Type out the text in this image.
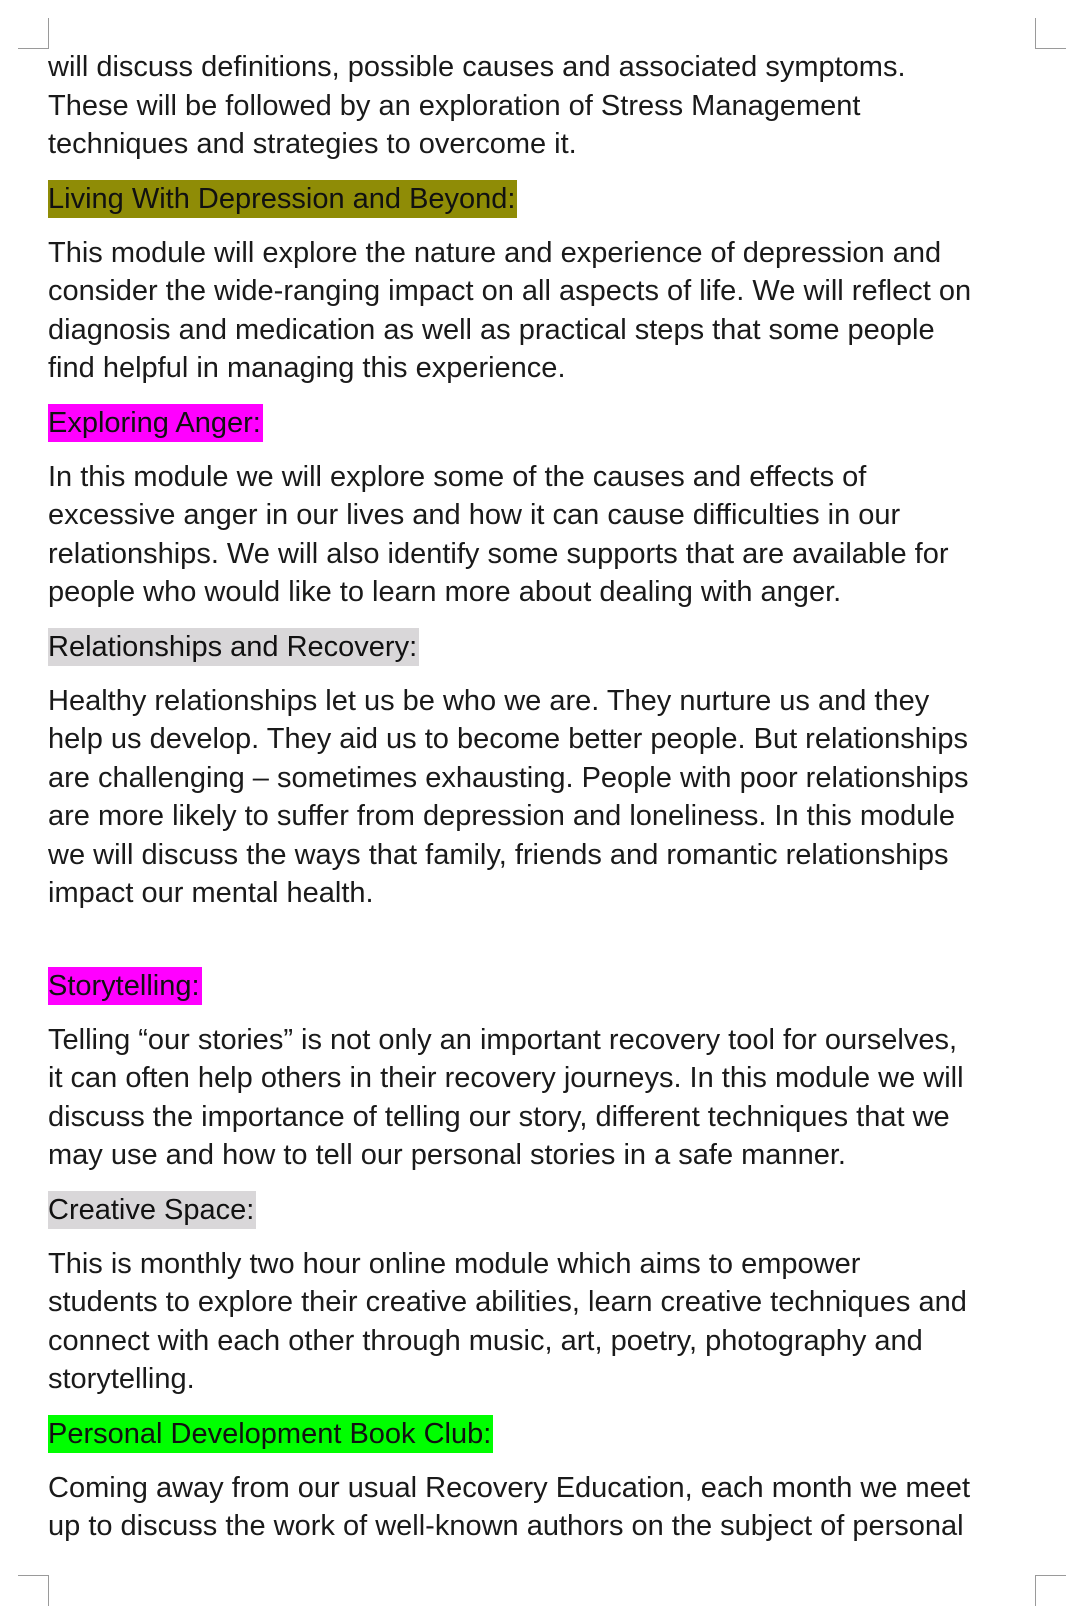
will discuss definitions, possible causes and associated symptoms.
These will be followed by an exploration of Stress Management
techniques and strategies to overcome it.

Living With Depression and Beyond:

This module will explore the nature and experience of depression and
consider the wide-ranging impact on all aspects of life. We will reflect on
diagnosis and medication as well as practical steps that some people
find helpful in managing this experience.

Exploring Anger:

In this module we will explore some of the causes and effects of
excessive anger in our lives and how it can cause difficulties in our
relationships. We will also identify some supports that are available for
people who would like to learn more about dealing with anger.

Relationships and Recovery:

Healthy relationships let us be who we are. They nurture us and they
help us develop. They aid us to become better people. But relationships
are challenging – sometimes exhausting. People with poor relationships
are more likely to suffer from depression and loneliness. In this module
we will discuss the ways that family, friends and romantic relationships
impact our mental health.

Storytelling:

Telling “our stories” is not only an important recovery tool for ourselves,
it can often help others in their recovery journeys. In this module we will
discuss the importance of telling our story, different techniques that we
may use and how to tell our personal stories in a safe manner.

Creative Space:

This is monthly two hour online module which aims to empower
students to explore their creative abilities, learn creative techniques and
connect with each other through music, art, poetry, photography and
storytelling.

Personal Development Book Club:

Coming away from our usual Recovery Education, each month we meet
up to discuss the work of well-known authors on the subject of personal
